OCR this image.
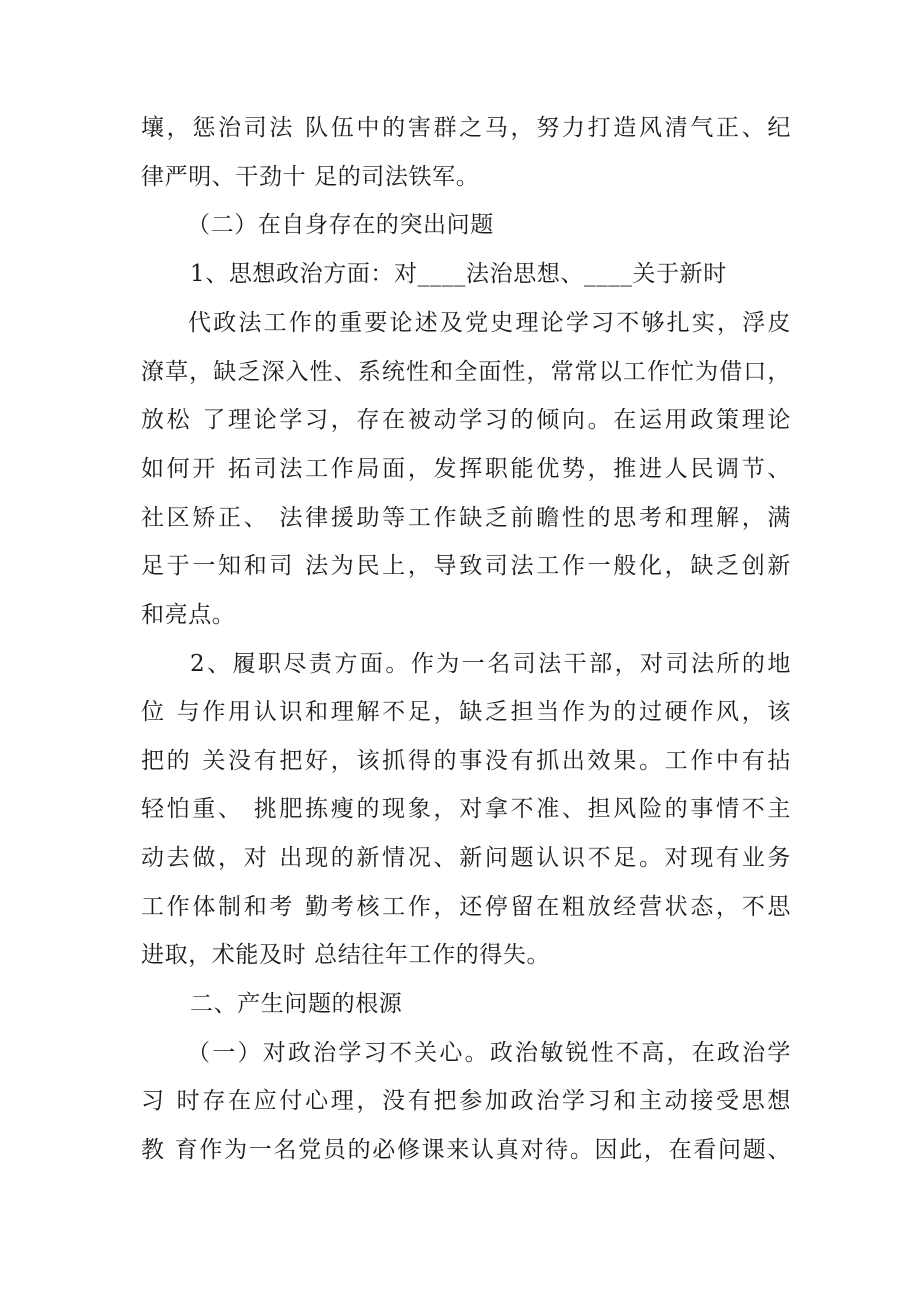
壤，惩治司法 队伍中的害群之马，努力打造风清气正、纪
律严明、干劲十 足的司法铁军。
（二）在自身存在的突出问题
1、思想政治方面：对____法治思想、____关于新时
代政法工作的重要论述及党史理论学习不够扎实，浮皮
潦草，缺乏深入性、系统性和全面性，常常以工作忙为借口，
放松 了理论学习，存在被动学习的倾向。在运用政策理论
如何开 拓司法工作局面，发挥职能优势，推进人民调节、
社区矫正、 法律援助等工作缺乏前瞻性的思考和理解，满
足于一知和司 法为民上，导致司法工作一般化，缺乏创新
和亮点。
2、履职尽责方面。作为一名司法干部，对司法所的地
位 与作用认识和理解不足，缺乏担当作为的过硬作风，该
把的 关没有把好，该抓得的事没有抓出效果。工作中有拈
轻怕重、 挑肥拣瘦的现象，对拿不准、担风险的事情不主
动去做，对 出现的新情况、新问题认识不足。对现有业务
工作体制和考 勤考核工作，还停留在粗放经营状态，不思
进取，术能及时 总结往年工作的得失。
二、产生问题的根源
（一）对政治学习不关心。政治敏锐性不高，在政治学
习 时存在应付心理，没有把参加政治学习和主动接受思想
教 育作为一名党员的必修课来认真对待。因此，在看问题、
